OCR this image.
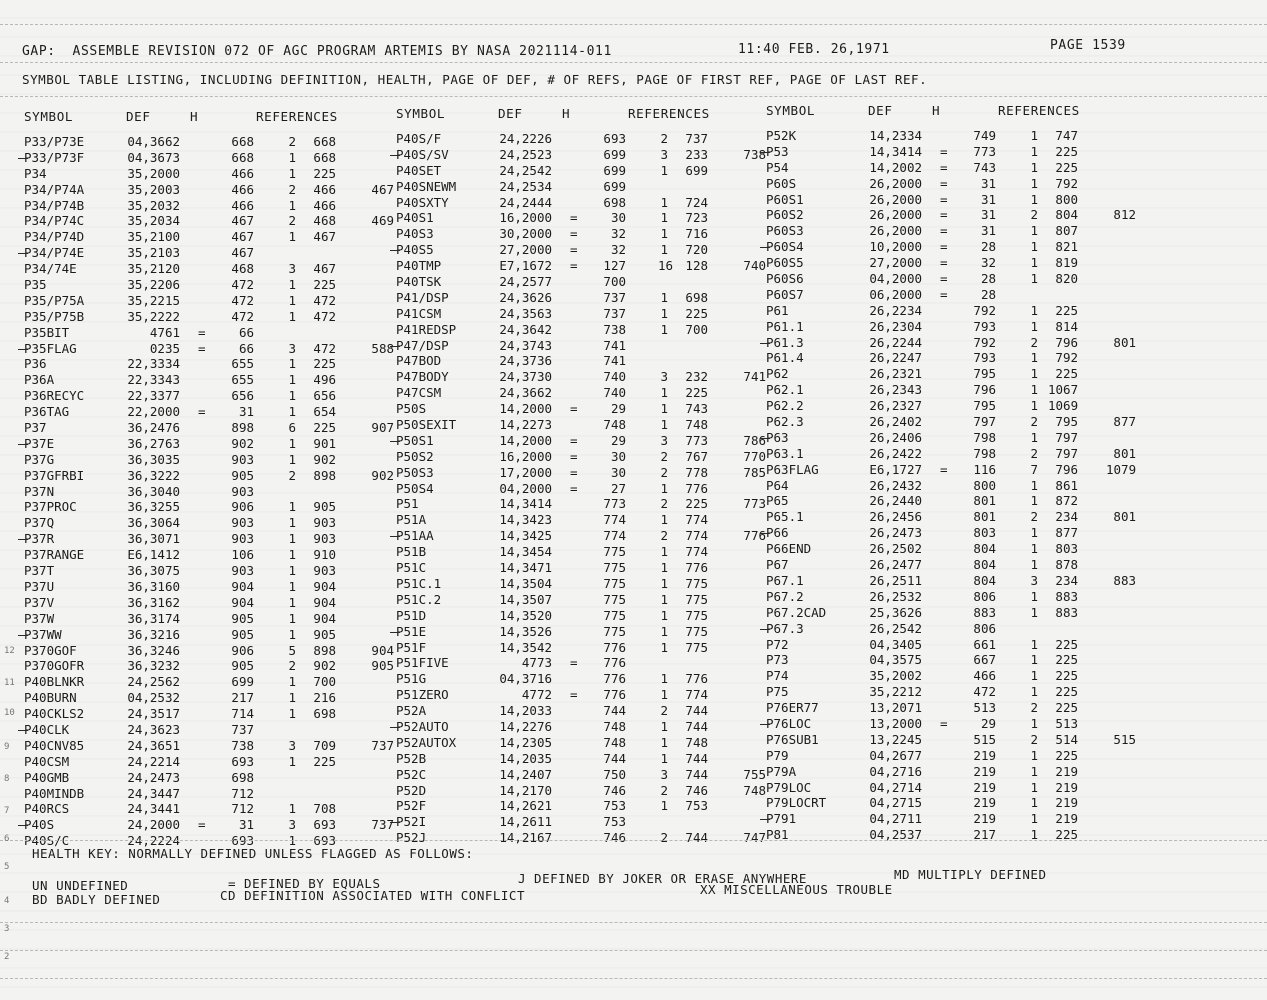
GAP:  ASSEMBLE REVISION 072 OF AGC PROGRAM ARTEMIS BY NASA 2021114-011	11:40 FEB. 26,1971	PAGE 1539
SYMBOL TABLE LISTING, INCLUDING DEFINITION, HEALTH, PAGE OF DEF, # OF REFS, PAGE OF FIRST REF, PAGE OF LAST REF.
SYMBOL	DEF	H	REFERENCES	SYMBOL	DEF	H	REFERENCES	SYMBOL	DEF	H	REFERENCES
P33/P73E	04,3662	668	2	668
P33/P73F	04,3673	668	1	668
P34	35,2000	466	1	225
P34/P74A	35,2003	466	2	466	467
P34/P74B	35,2032	466	1	466
P34/P74C	35,2034	467	2	468	469
P34/P74D	35,2100	467	1	467
P34/P74E	35,2103	467
P34/74E	35,2120	468	3	467
P35	35,2206	472	1	225
P35/P75A	35,2215	472	1	472
P35/P75B	35,2222	472	1	472
P35BIT	4761 =	66
P35FLAG	0235 =	66	3	472	588
P36	22,3334	655	1	225
P36A	22,3343	655	1	496
P36RECYC	22,3377	656	1	656
P36TAG	22,2000 =	31	1	654
P37	36,2476	898	6	225	907
P37E	36,2763	902	1	901
P37G	36,3035	903	1	902
P37GFRBI	36,3222	905	2	898	902
P37N	36,3040	903
P37PROC	36,3255	906	1	905
P37Q	36,3064	903	1	903
P37R	36,3071	903	1	903
P37RANGE	E6,1412	106	1	910
P37T	36,3075	903	1	903
P37U	36,3160	904	1	904
P37V	36,3162	904	1	904
P37W	36,3174	905	1	904
P37WW	36,3216	905	1	905
P370GOF	36,3246	906	5	898	904
P370GOFR	36,3232	905	2	902	905
P40BLNKR	24,2562	699	1	700
P40BURN	04,2532	217	1	216
P40CKLS2	24,3517	714	1	698
P40CLK	24,3623	737
P40CNV85	24,3651	738	3	709	737
P40CSM	24,2214	693	1	225
P40GMB	24,2473	698
P40MINDB	24,3447	712
P40RCS	24,3441	712	1	708
P40S	24,2000 =	31	3	693	737
P40S/C	24,2224	693	1	693
P40S/F	24,2226	693	2	737
P40S/SV	24,2523	699	3	233	738
P40SET	24,2542	699	1	699
P40SNEWM	24,2534	699
P40SXTY	24,2444	698	1	724
P40S1	16,2000 =	30	1	723
P40S3	30,2000 =	32	1	716
P40S5	27,2000 =	32	1	720
P40TMP	E7,1672 =	127	16 128	740
P40TSK	24,2577	700
P41/DSP	24,3626	737	1	698
P41CSM	24,3563	737	1	225
P41REDSP	24,3642	738	1	700
P47/DSP	24,3743	741
P47BOD	24,3736	741
P47BODY	24,3730	740	3	232	741
P47CSM	24,3662	740	1	225
P50S	14,2000 =	29	1	743
P50SEXIT	14,2273	748	1	748
P50S1	14,2000 =	29	3	773	786
P50S2	16,2000 =	30	2	767	770
P50S3	17,2000 =	30	2	778	785
P50S4	04,2000 =	27	1	776
P51	14,3414	773	2	225	773
P51A	14,3423	774	1	774
P51AA	14,3425	774	2	774	776
P51B	14,3454	775	1	774
P51C	14,3471	775	1	776
P51C.1	14,3504	775	1	775
P51C.2	14,3507	775	1	775
P51D	14,3520	775	1	775
P51E	14,3526	775	1	775
P51F	14,3542	776	1	775
P51FIVE	4773 =	776
P51G	04,3716	776	1	776
P51ZERO	4772 =	776	1	774
P52A	14,2033	744	2	744
P52AUTO	14,2276	748	1	744
P52AUTOX	14,2305	748	1	748
P52B	14,2035	744	1	744
P52C	14,2407	750	3	744	755
P52D	14,2170	746	2	746	748
P52F	14,2621	753	1	753
P52I	14,2611	753
P52J	14,2167	746	2	744	747
P52K	14,2334	749	1	747
P53	14,3414 =	773	1	225
P54	14,2002 =	743	1	225
P60S	26,2000 =	31	1	792
P60S1	26,2000 =	31	1	800
P60S2	26,2000 =	31	2	804	812
P60S3	26,2000 =	31	1	807
P60S4	10,2000 =	28	1	821
P60S5	27,2000 =	32	1	819
P60S6	04,2000 =	28	1	820
P60S7	06,2000 =	28
P61	26,2234	792	1	225
P61.1	26,2304	793	1	814
P61.3	26,2244	792	2	796	801
P61.4	26,2247	793	1	792
P62	26,2321	795	1	225
P62.1	26,2343	796	1 1067
P62.2	26,2327	795	1 1069
P62.3	26,2402	797	2	795	877
P63	26,2406	798	1	797
P63.1	26,2422	798	2	797	801
P63FLAG	E6,1727 =	116	7	796 1079
P64	26,2432	800	1	861
P65	26,2440	801	1	872
P65.1	26,2456	801	2	234	801
P66	26,2473	803	1	877
P66END	26,2502	804	1	803
P67	26,2477	804	1	878
P67.1	26,2511	804	3	234	883
P67.2	26,2532	806	1	883
P67.2CAD	25,3626	883	1	883
P67.3	26,2542	806
P72	04,3405	661	1	225
P73	04,3575	667	1	225
P74	35,2002	466	1	225
P75	35,2212	472	1	225
P76ER77	13,2071	513	2	225
P76LOC	13,2000 =	29	1	513
P76SUB1	13,2245	515	2	514	515
P79	04,2677	219	1	225
P79A	04,2716	219	1	219
P79LOC	04,2714	219	1	219
P79LOCRT	04,2715	219	1	219
P791	04,2711	219	1	219
P81	04,2537	217	1	225
HEALTH KEY: NORMALLY DEFINED UNLESS FLAGGED AS FOLLOWS:
UN UNDEFINED	= DEFINED BY EQUALS	J DEFINED BY JOKER OR ERASE ANYWHERE	MD MULTIPLY DEFINED
BD BADLY DEFINED	CD DEFINITION ASSOCIATED WITH CONFLICT	XX MISCELLANEOUS TROUBLE
12
11
10
9
8
7
6
5
4
3
2
